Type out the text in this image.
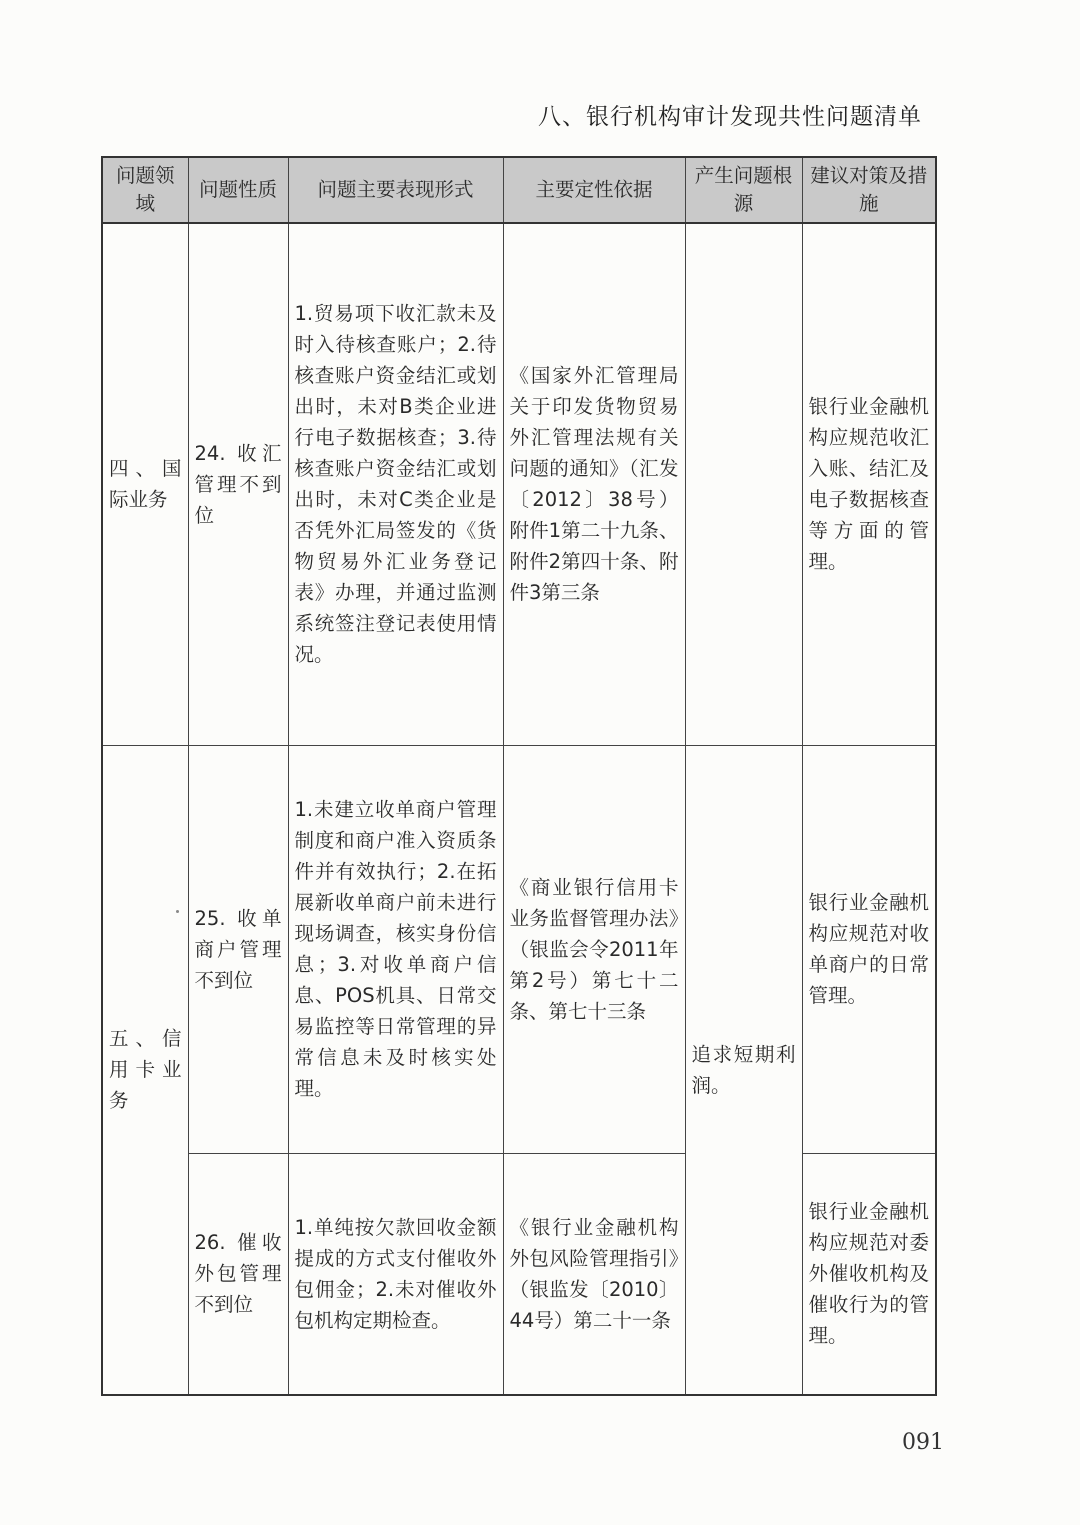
八、银行机构审计发现共性问题清单
问题领域	问题性质	问题主要表现形式	主要定性依据	产生问题根源	建议对策及措施
四、国际业务	24. 收汇管理不到位	1.贸易项下收汇款未及时入待核查账户；2.待核查账户资金结汇或划出时，未对B类企业进行电子数据核查；3.待核查账户资金结汇或划出时，未对C类企业是否凭外汇局签发的《货物贸易外汇业务登记表》办理，并通过监测系统签注登记表使用情况。	《国家外汇管理局关于印发货物贸易外汇管理法规有关问题的通知》（汇发〔2012〕38号）附件1第二十九条、附件2第四十条、附件3第三条		银行业金融机构应规范收汇入账、结汇及电子数据核查等方面的管理。
五、信用卡业务	25. 收单商户管理不到位	1.未建立收单商户管理制度和商户准入资质条件并有效执行；2.在拓展新收单商户前未进行现场调查，核实身份信息；3.对收单商户信息、POS机具、日常交易监控等日常管理的异常信息未及时核实处理。	《商业银行信用卡业务监督管理办法》（银监会令2011年第2号）第七十二条、第七十三条	追求短期利润。	银行业金融机构应规范对收单商户的日常管理。
	26. 催收外包管理不到位	1.单纯按欠款回收金额提成的方式支付催收外包佣金；2.未对催收外包机构定期检查。	《银行业金融机构外包风险管理指引》（银监发〔2010〕44号）第二十一条		银行业金融机构应规范对委外催收机构及催收行为的管理。
091
